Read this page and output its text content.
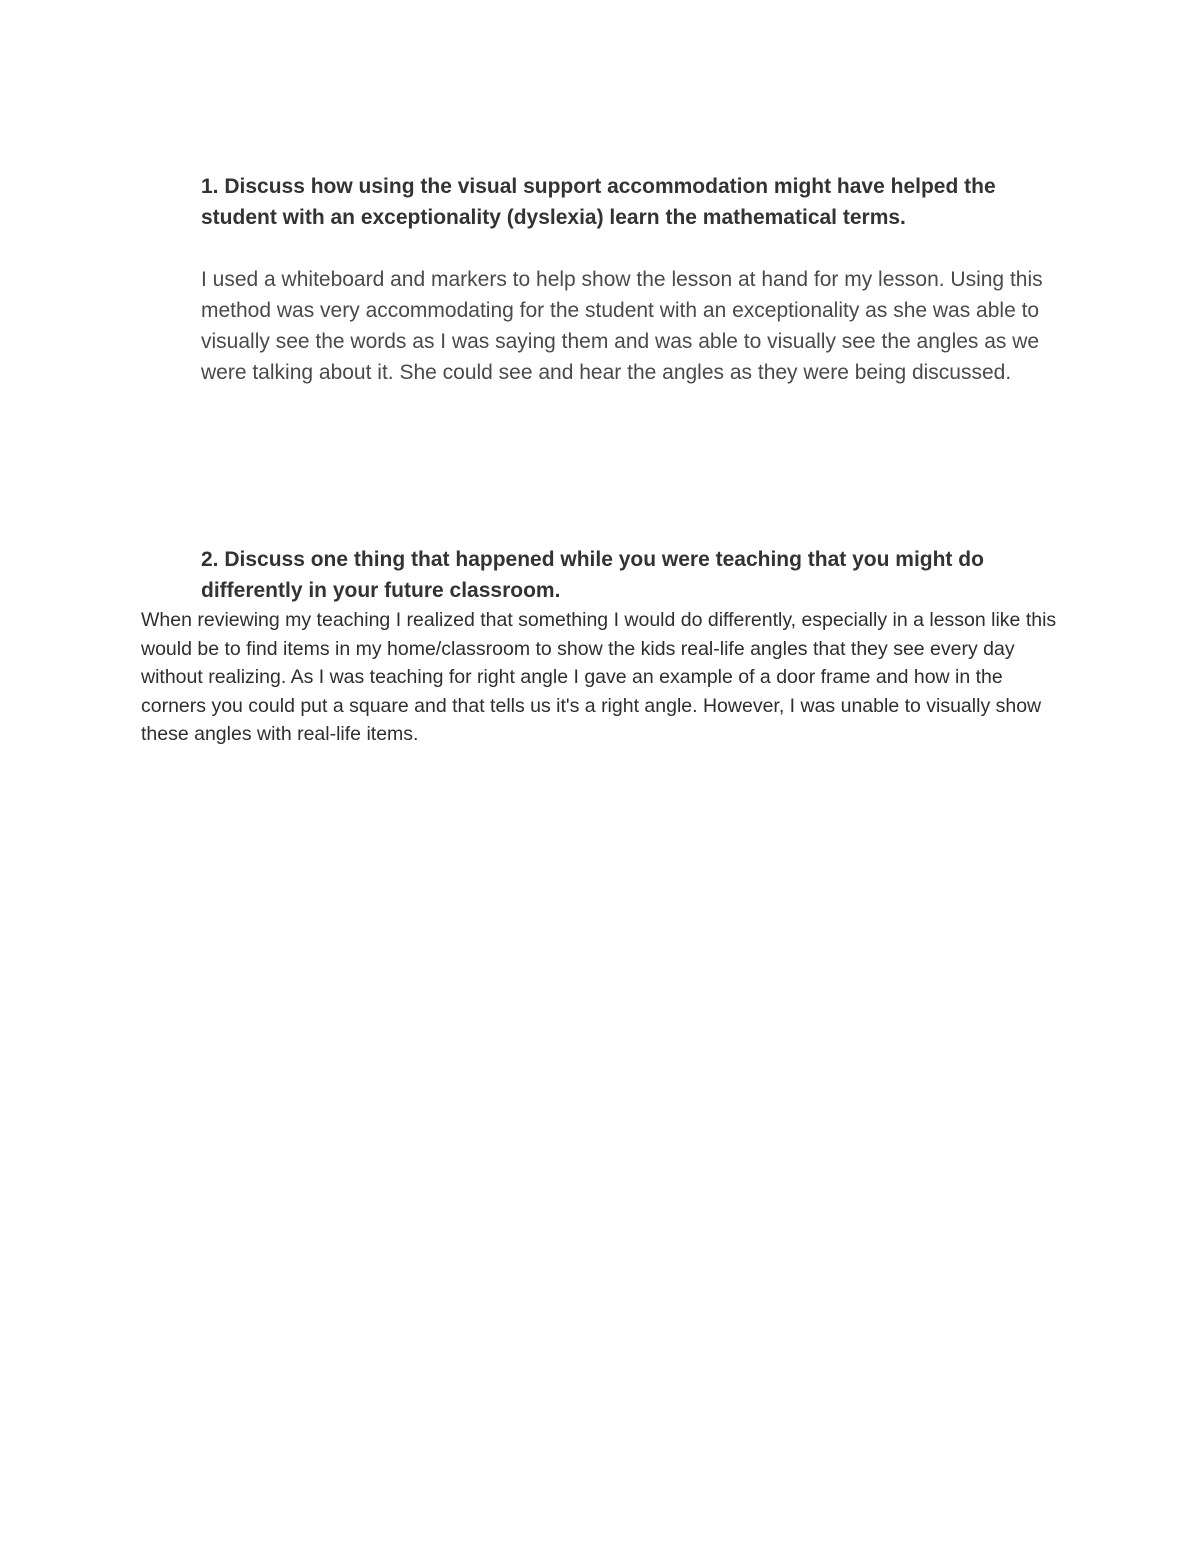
1. Discuss how using the visual support accommodation might have helped the student with an exceptionality (dyslexia) learn the mathematical terms.

I used a whiteboard and markers to help show the lesson at hand for my lesson. Using this method was very accommodating for the student with an exceptionality as she was able to visually see the words as I was saying them and was able to visually see the angles as we were talking about it. She could see and hear the angles as they were being discussed.

2. Discuss one thing that happened while you were teaching that you might do differently in your future classroom.

When reviewing my teaching I realized that something I would do differently, especially in a lesson like this would be to find items in my home/classroom to show the kids real-life angles that they see every day without realizing. As I was teaching for right angle I gave an example of a door frame and how in the corners you could put a square and that tells us it's a right angle. However, I was unable to visually show these angles with real-life items.
